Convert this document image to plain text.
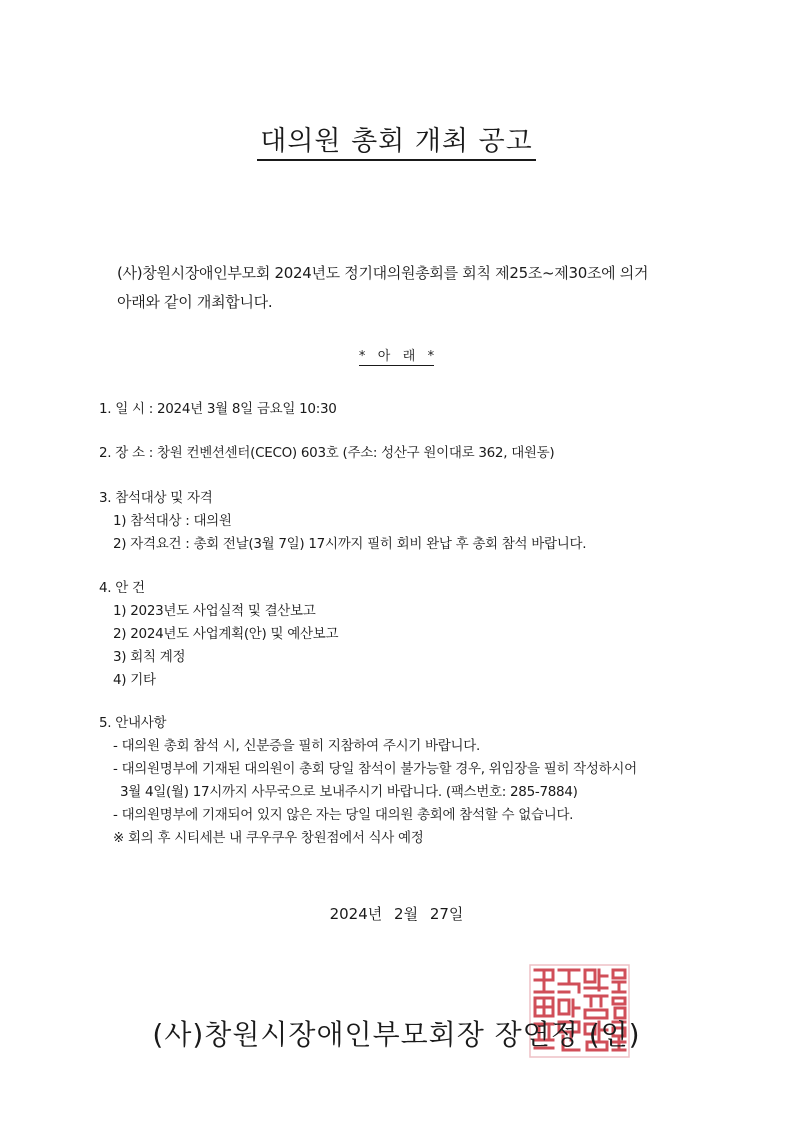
대의원 총회 개최 공고
(사)창원시장애인부모회 2024년도 정기대의원총회를 회칙 제25조~제30조에 의거
아래와 같이 개최합니다.
*   아   래   *
1. 일 시 : 2024년 3월 8일 금요일 10:30
2. 장 소 : 창원 컨벤션센터(CECO) 603호 (주소: 성산구 원이대로 362, 대원동)
3. 참석대상 및 자격
1) 참석대상 : 대의원
2) 자격요건 : 총회 전날(3월 7일) 17시까지 필히 회비 완납 후 총회 참석 바랍니다.
4. 안 건
1) 2023년도 사업실적 및 결산보고
2) 2024년도 사업계획(안) 및 예산보고
3) 회칙 계정
4) 기타
5. 안내사항
- 대의원 총회 참석 시, 신분증을 필히 지참하여 주시기 바랍니다.
- 대의원명부에 기재된 대의원이 총회 당일 참석이 불가능할 경우, 위임장을 필히 작성하시어
3월 4일(월) 17시까지 사무국으로 보내주시기 바랍니다. (팩스번호: 285-7884)
- 대의원명부에 기재되어 있지 않은 자는 당일 대의원 총회에 참석할 수 없습니다.
※ 회의 후 시티세븐 내 쿠우쿠우 창원점에서 식사 예정
2024년 2월 27일
(사)창원시장애인부모회장 장연정 (인)
